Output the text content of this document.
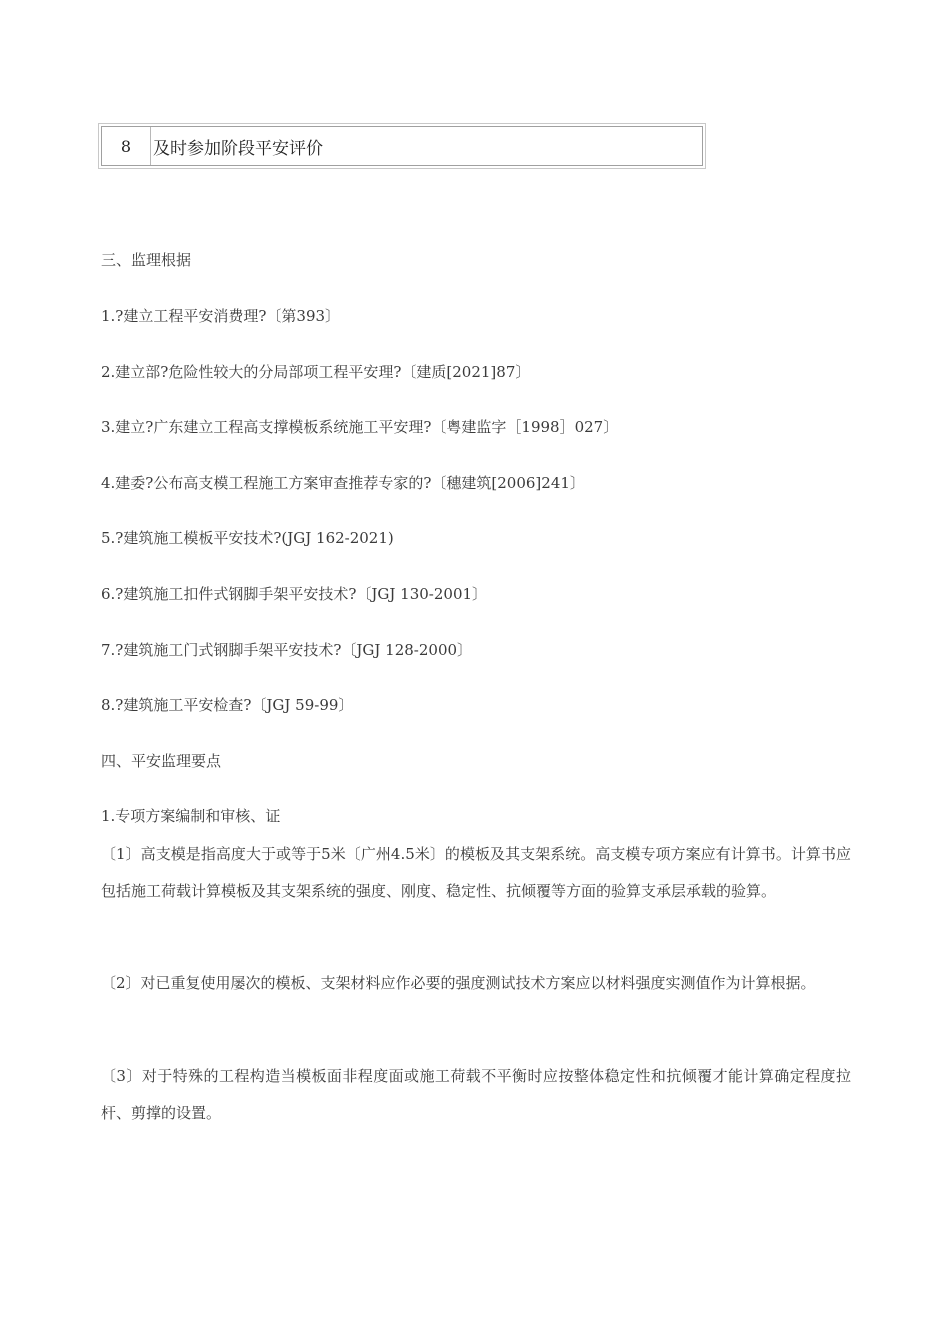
8	及时参加阶段平安评价
三、监理根据
1.?建立工程平安消费理?〔第393〕
2.建立部?危险性较大的分局部项工程平安理?〔建质[2021]87〕
3.建立?广东建立工程高支撑模板系统施工平安理?〔粤建监字［1998］027〕
4.建委?公布高支模工程施工方案审查推荐专家的?〔穗建筑[2006]241〕
5.?建筑施工模板平安技术?(JGJ 162-2021)
6.?建筑施工扣件式钢脚手架平安技术?〔JGJ 130-2001〕
7.?建筑施工门式钢脚手架平安技术?〔JGJ 128-2000〕
8.?建筑施工平安检查?〔JGJ 59-99〕
四、平安监理要点
1.专项方案编制和审核、证
〔1〕高支模是指高度大于或等于5米〔广州4.5米〕的模板及其支架系统。高支模专项方案应有计算书。计算书应包括施工荷载计算模板及其支架系统的强度、刚度、稳定性、抗倾覆等方面的验算支承层承载的验算。
〔2〕对已重复使用屡次的模板、支架材料应作必要的强度测试技术方案应以材料强度实测值作为计算根据。
〔3〕对于特殊的工程构造当模板面非程度面或施工荷载不平衡时应按整体稳定性和抗倾覆才能计算确定程度拉杆、剪撑的设置。
